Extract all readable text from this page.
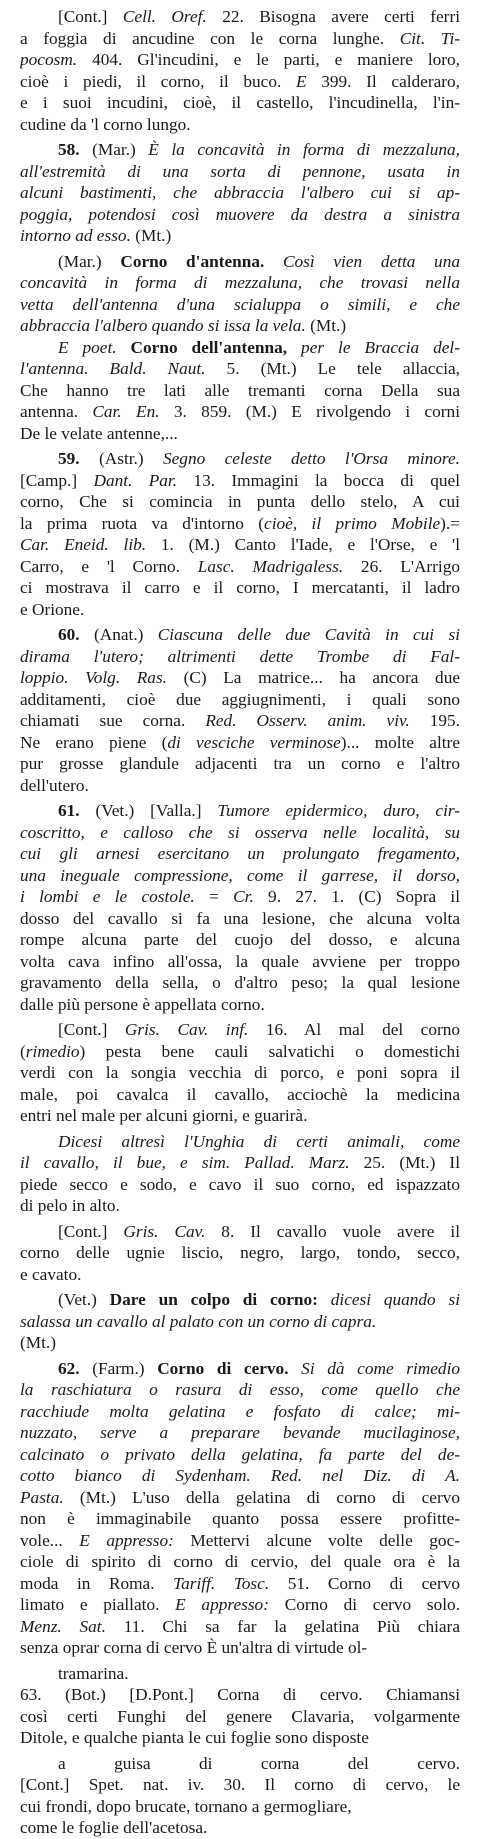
[Cont.] Cell. Oref. 22. Bisogna avere certi ferri
a foggia di ancudine con le corna lunghe. Cit. Ti-
pocosm. 404. Gl'incudini, e le parti, e maniere loro,
cioè i piedi, il corno, il buco. E 399. Il calderaro,
e i suoi incudini, cioè, il castello, l'incudinella, l'in-
cudine da 'l corno lungo.
58. (Mar.) È la concavità in forma di mezzaluna,
all'estremità di una sorta di pennone, usata in
alcuni bastimenti, che abbraccia l'albero cui si ap-
poggia, potendosi così muovere da destra a sinistra
intorno ad esso. (Mt.)
(Mar.) Corno d'antenna. Così vien detta una
concavità in forma di mezzaluna, che trovasi nella
vetta dell'antenna d'una scialuppa o simili, e che
abbraccia l'albero quando si issa la vela. (Mt.)
E poet. Corno dell'antenna, per le Braccia del-
l'antenna. Bald. Naut. 5. (Mt.) Le tele allaccia,
Che hanno tre lati alle tremanti corna Della sua
antenna. Car. En. 3. 859. (M.) E rivolgendo i corni
De le velate antenne,...
59. (Astr.) Segno celeste detto l'Orsa minore.
[Camp.] Dant. Par. 13. Immagini la bocca di quel
corno, Che si comincia in punta dello stelo, A cui
la prima ruota va d'intorno (cioè, il primo Mobile).=
Car. Eneid. lib. 1. (M.) Canto l'Iade, e l'Orse, e 'l
Carro, e 'l Corno. Lasc. Madrigaless. 26. L'Arrigo
ci mostrava il carro e il corno, I mercatanti, il ladro
e Orione.
60. (Anat.) Ciascuna delle due Cavità in cui si
dirama l'utero; altrimenti dette Trombe di Fal-
loppio. Volg. Ras. (C) La matrice... ha ancora due
additamenti, cioè due aggiugnimenti, i quali sono
chiamati sue corna. Red. Osserv. anim. viv. 195.
Ne erano piene (di vesciche verminose)... molte altre
pur grosse glandule adjacenti tra un corno e l'altro
dell'utero.
61. (Vet.) [Valla.] Tumore epidermico, duro, cir-
coscritto, e calloso che si osserva nelle località, su
cui gli arnesi esercitano un prolungato fregamento,
una ineguale compressione, come il garrese, il dorso,
i lombi e le costole. = Cr. 9. 27. 1. (C) Sopra il
dosso del cavallo si fa una lesione, che alcuna volta
rompe alcuna parte del cuojo del dosso, e alcuna
volta cava infino all'ossa, la quale avviene per troppo
gravamento della sella, o d'altro peso; la qual lesione
dalle più persone è appellata corno.
[Cont.] Gris. Cav. inf. 16. Al mal del corno
(rimedio) pesta bene cauli salvatichi o domestichi
verdi con la songia vecchia di porco, e poni sopra il
male, poi cavalca il cavallo, acciochè la medicina
entri nel male per alcuni giorni, e guarirà.
Dicesi altresì l'Unghia di certi animali, come
il cavallo, il bue, e sim. Pallad. Marz. 25. (Mt.) Il
piede secco e sodo, e cavo il suo corno, ed ispazzato
di pelo in alto.
[Cont.] Gris. Cav. 8. Il cavallo vuole avere il
corno delle ugnie liscio, negro, largo, tondo, secco,
e cavato.
(Vet.) Dare un colpo di corno: dicesi quando si
salassa un cavallo al palato con un corno di capra.
(Mt.)
62. (Farm.) Corno di cervo. Si dà come rimedio
la raschiatura o rasura di esso, come quello che
racchiude molta gelatina e fosfato di calce; mi-
nuzzato, serve a preparare bevande mucilaginose,
calcinato o privato della gelatina, fa parte del de-
cotto bianco di Sydenham. Red. nel Diz. di A.
Pasta. (Mt.) L'uso della gelatina di corno di cervo
non è immaginabile quanto possa essere profitte-
vole... E appresso: Mettervi alcune volte delle goc-
ciole di spirito di corno di cervio, del quale ora è la
moda in Roma. Tariff. Tosc. 51. Corno di cervo
limato e piallato. E appresso: Corno di cervo solo.
Menz. Sat. 11. Chi sa far la gelatina Più chiara
senza oprar corna di cervo È un'altra di virtude ol-
tramarina.
63. (Bot.) [D.Pont.] Corna di cervo. Chiamansi
così certi Funghi del genere Clavaria, volgarmente
Ditole, e qualche pianta le cui foglie sono disposte
a guisa di corna del cervo.
[Cont.] Spet. nat. iv. 30. Il corno di cervo, le
cui frondi, dopo brucate, tornano a germogliare,
come le foglie dell'acetosa.
